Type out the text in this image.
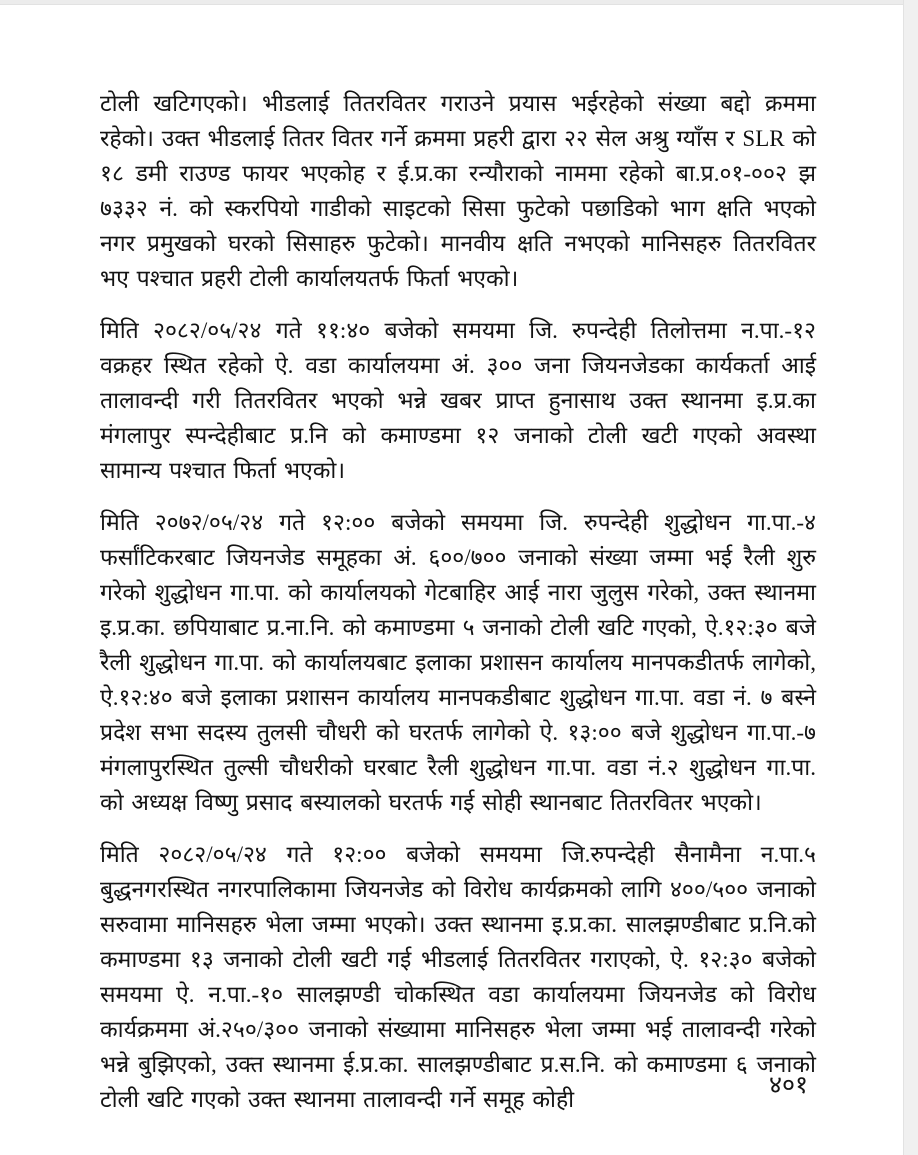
टोली खटिगएको। भीडलाई तितरवितर गराउने प्रयास भईरहेको संख्या बद्दो क्रममा रहेको। उक्त भीडलाई तितर वितर गर्ने क्रममा प्रहरी द्वारा २२ सेल अश्रु ग्याँस र SLR को १८ डमी राउण्ड फायर भएकोह र ई.प्र.का रन्यौराको नाममा रहेको बा.प्र.०१-००२ झ ७३३२ नं. को स्करपियो गाडीको साइटको सिसा फुटेको पछाडिको भाग क्षति भएको नगर प्रमुखको घरको सिसाहरु फुटेको। मानवीय क्षति नभएको मानिसहरु तितरवितर भए पश्चात प्रहरी टोली कार्यालयतर्फ फिर्ता भएको।

मिति २०८२/०५/२४ गते ११:४० बजेको समयमा जि. रुपन्देही तिलोत्तमा न.पा.-१२ वक्रहर स्थित रहेको ऐ. वडा कार्यालयमा अं. ३०० जना जियनजेडका कार्यकर्ता आई तालावन्दी गरी तितरवितर भएको भन्ने खबर प्राप्त हुनासाथ उक्त स्थानमा इ.प्र.का मंगलापुर स्पन्देहीबाट प्र.नि को कमाण्डमा १२ जनाको टोली खटी गएको अवस्था सामान्य पश्चात फिर्ता भएको।

मिति २०७२/०५/२४ गते १२:०० बजेको समयमा जि. रुपन्देही शुद्धोधन गा.पा.-४ फर्सांटिकरबाट जियनजेड समूहका अं. ६००/७०० जनाको संख्या जम्मा भई रैली शुरु गरेको शुद्धोधन गा.पा. को कार्यालयको गेटबाहिर आई नारा जुलुस गरेको, उक्त स्थानमा इ.प्र.का. छपियाबाट प्र.ना.नि. को कमाण्डमा ५ जनाको टोली खटि गएको, ऐ.१२:३० बजे रैली शुद्धोधन गा.पा. को कार्यालयबाट इलाका प्रशासन कार्यालय मानपकडीतर्फ लागेको, ऐ.१२:४० बजे इलाका प्रशासन कार्यालय मानपकडीबाट शुद्धोधन गा.पा. वडा नं. ७ बस्ने प्रदेश सभा सदस्य तुलसी चौधरी को घरतर्फ लागेको ऐ. १३:०० बजे शुद्धोधन गा.पा.-७ मंगलापुरस्थित तुल्सी चौधरीको घरबाट रैली शुद्धोधन गा.पा. वडा नं.२ शुद्धोधन गा.पा. को अध्यक्ष विष्णु प्रसाद बस्यालको घरतर्फ गई सोही स्थानबाट तितरवितर भएको।

मिति २०८२/०५/२४ गते १२:०० बजेको समयमा जि.रुपन्देही सैनामैना न.पा.५ बुद्धनगरस्थित नगरपालिकामा जियनजेड को विरोध कार्यक्रमको लागि ४००/५०० जनाको सरुवामा मानिसहरु भेला जम्मा भएको। उक्त स्थानमा इ.प्र.का. सालझण्डीबाट प्र.नि.को कमाण्डमा १३ जनाको टोली खटी गई भीडलाई तितरवितर गराएको, ऐ. १२:३० बजेको समयमा ऐ. न.पा.-१० सालझण्डी चोकस्थित वडा कार्यालयमा जियनजेड को विरोध कार्यक्रममा अं.२५०/३०० जनाको संख्यामा मानिसहरु भेला जम्मा भई तालावन्दी गरेको भन्ने बुझिएको, उक्त स्थानमा ई.प्र.का. सालझण्डीबाट प्र.स.नि. को कमाण्डमा ६ जनाको टोली खटि गएको उक्त स्थानमा तालावन्दी गर्ने समूह कोही

४०१
